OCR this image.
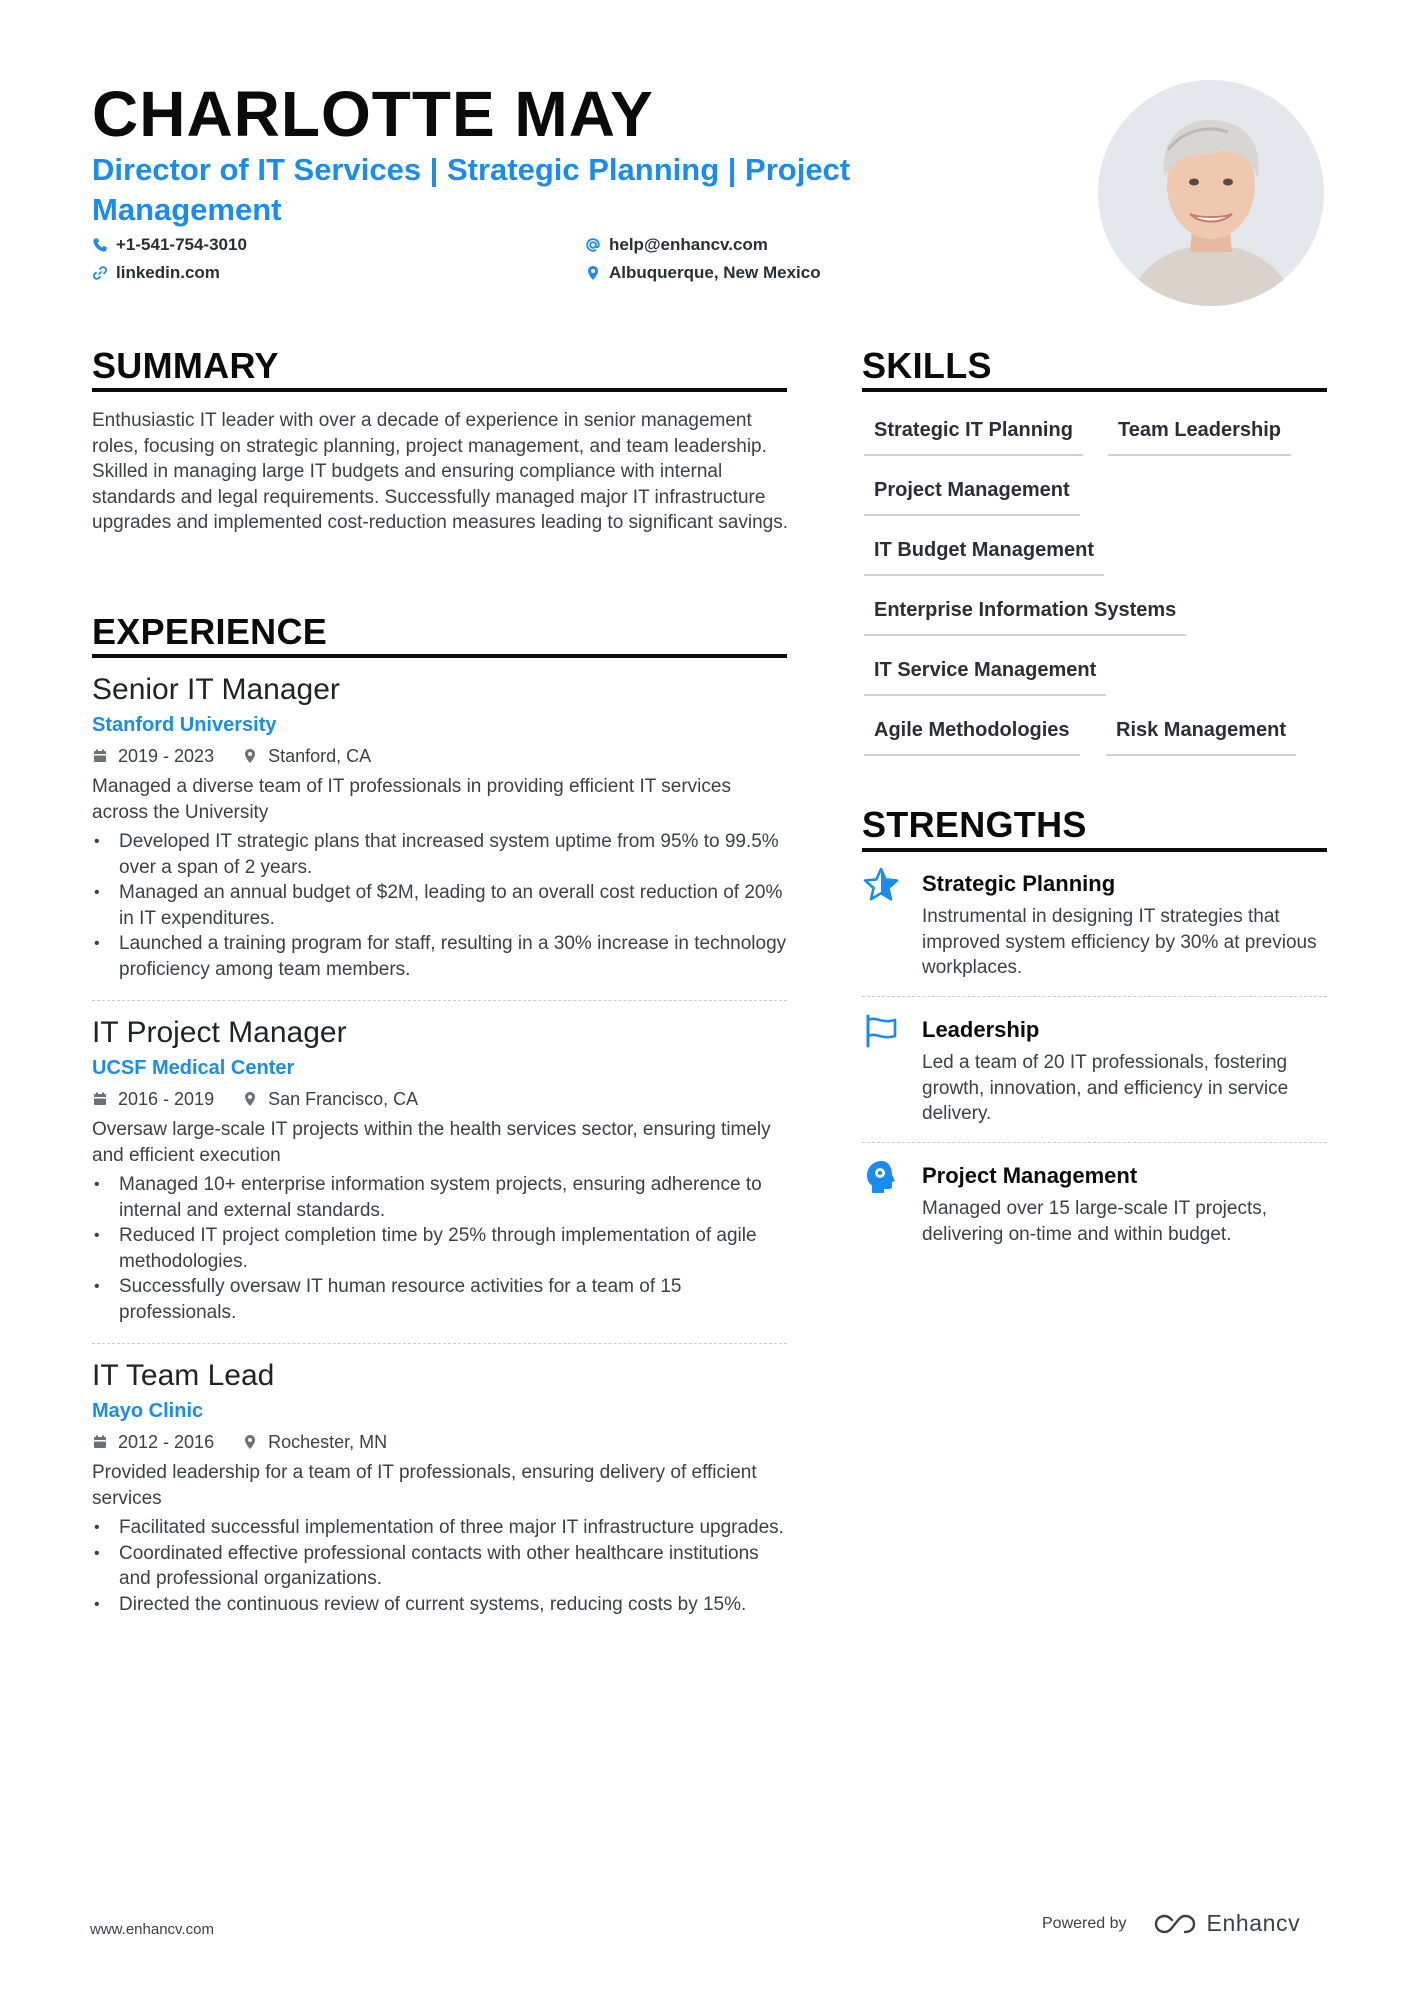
CHARLOTTE MAY
Director of IT Services | Strategic Planning | Project Management
+1-541-754-3010	help@enhancv.com
linkedin.com	Albuquerque, New Mexico
SUMMARY
Enthusiastic IT leader with over a decade of experience in senior management roles, focusing on strategic planning, project management, and team leadership. Skilled in managing large IT budgets and ensuring compliance with internal standards and legal requirements. Successfully managed major IT infrastructure upgrades and implemented cost-reduction measures leading to significant savings.
EXPERIENCE
Senior IT Manager
Stanford University
2019 - 2023	Stanford, CA
Managed a diverse team of IT professionals in providing efficient IT services across the University
• Developed IT strategic plans that increased system uptime from 95% to 99.5% over a span of 2 years.
• Managed an annual budget of $2M, leading to an overall cost reduction of 20% in IT expenditures.
• Launched a training program for staff, resulting in a 30% increase in technology proficiency among team members.
IT Project Manager
UCSF Medical Center
2016 - 2019	San Francisco, CA
Oversaw large-scale IT projects within the health services sector, ensuring timely and efficient execution
• Managed 10+ enterprise information system projects, ensuring adherence to internal and external standards.
• Reduced IT project completion time by 25% through implementation of agile methodologies.
• Successfully oversaw IT human resource activities for a team of 15 professionals.
IT Team Lead
Mayo Clinic
2012 - 2016	Rochester, MN
Provided leadership for a team of IT professionals, ensuring delivery of efficient services
• Facilitated successful implementation of three major IT infrastructure upgrades.
• Coordinated effective professional contacts with other healthcare institutions and professional organizations.
• Directed the continuous review of current systems, reducing costs by 15%.
SKILLS
Strategic IT Planning	Team Leadership
Project Management
IT Budget Management
Enterprise Information Systems
IT Service Management
Agile Methodologies	Risk Management
STRENGTHS
Strategic Planning
Instrumental in designing IT strategies that improved system efficiency by 30% at previous workplaces.
Leadership
Led a team of 20 IT professionals, fostering growth, innovation, and efficiency in service delivery.
Project Management
Managed over 15 large-scale IT projects, delivering on-time and within budget.
www.enhancv.com	Powered by	Enhancv
